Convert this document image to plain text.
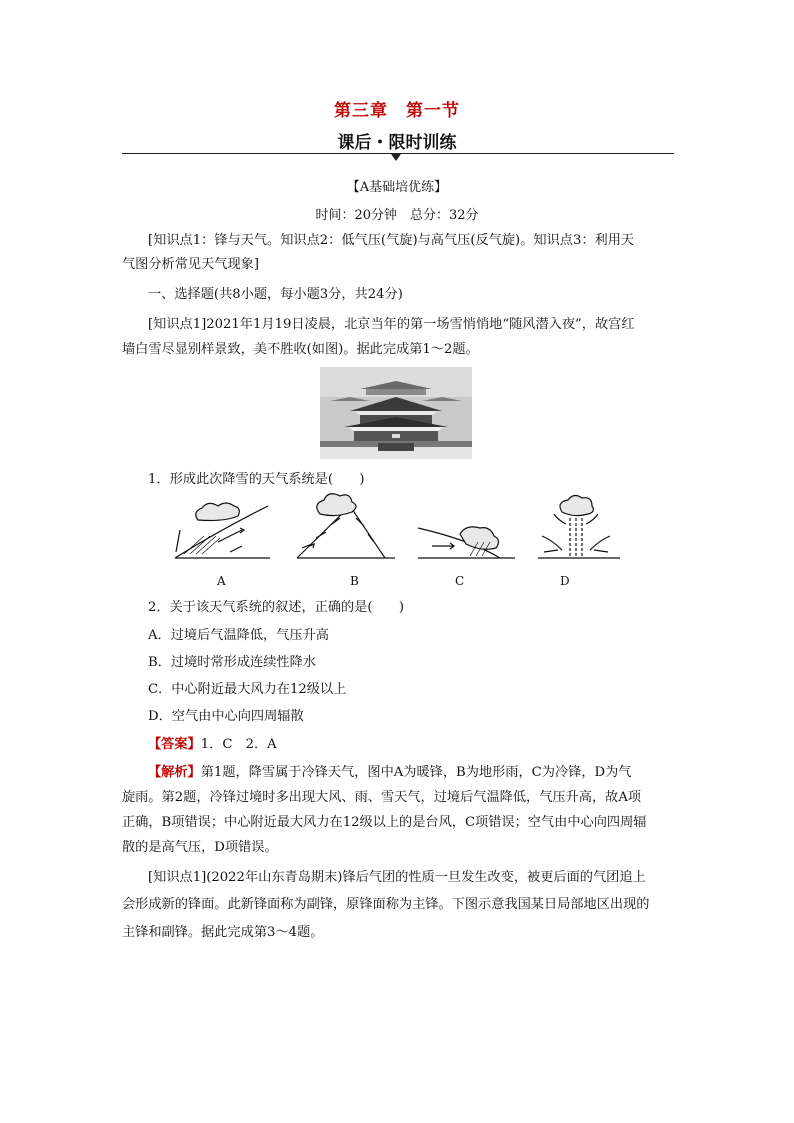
第三章　第一节
课后・限时训练
【A基础培优练】
时间：20分钟　总分：32分
[知识点1：锋与天气。知识点2：低气压(气旋)与高气压(反气旋)。知识点3：利用天
气图分析常见天气现象]
一、选择题(共8小题，每小题3分，共24分)
[知识点1]2021年1月19日凌晨，北京当年的第一场雪悄悄地“随风潜入夜”，故宫红
墙白雪尽显别样景致，美不胜收(如图)。据此完成第1～2题。
1．形成此次降雪的天气系统是(　　)
A	B	C	D
2．关于该天气系统的叙述，正确的是(　　)
A．过境后气温降低，气压升高
B．过境时常形成连续性降水
C．中心附近最大风力在12级以上
D．空气由中心向四周辐散
【答案】1．C　2．A
【解析】第1题，降雪属于冷锋天气，图中A为暖锋，B为地形雨，C为冷锋，D为气
旋雨。第2题，冷锋过境时多出现大风、雨、雪天气，过境后气温降低，气压升高，故A项
正确，B项错误；中心附近最大风力在12级以上的是台风，C项错误；空气由中心向四周辐
散的是高气压，D项错误。
[知识点1](2022年山东青岛期末)锋后气团的性质一旦发生改变，被更后面的气团追上
会形成新的锋面。此新锋面称为副锋，原锋面称为主锋。下图示意我国某日局部地区出现的
主锋和副锋。据此完成第3～4题。
